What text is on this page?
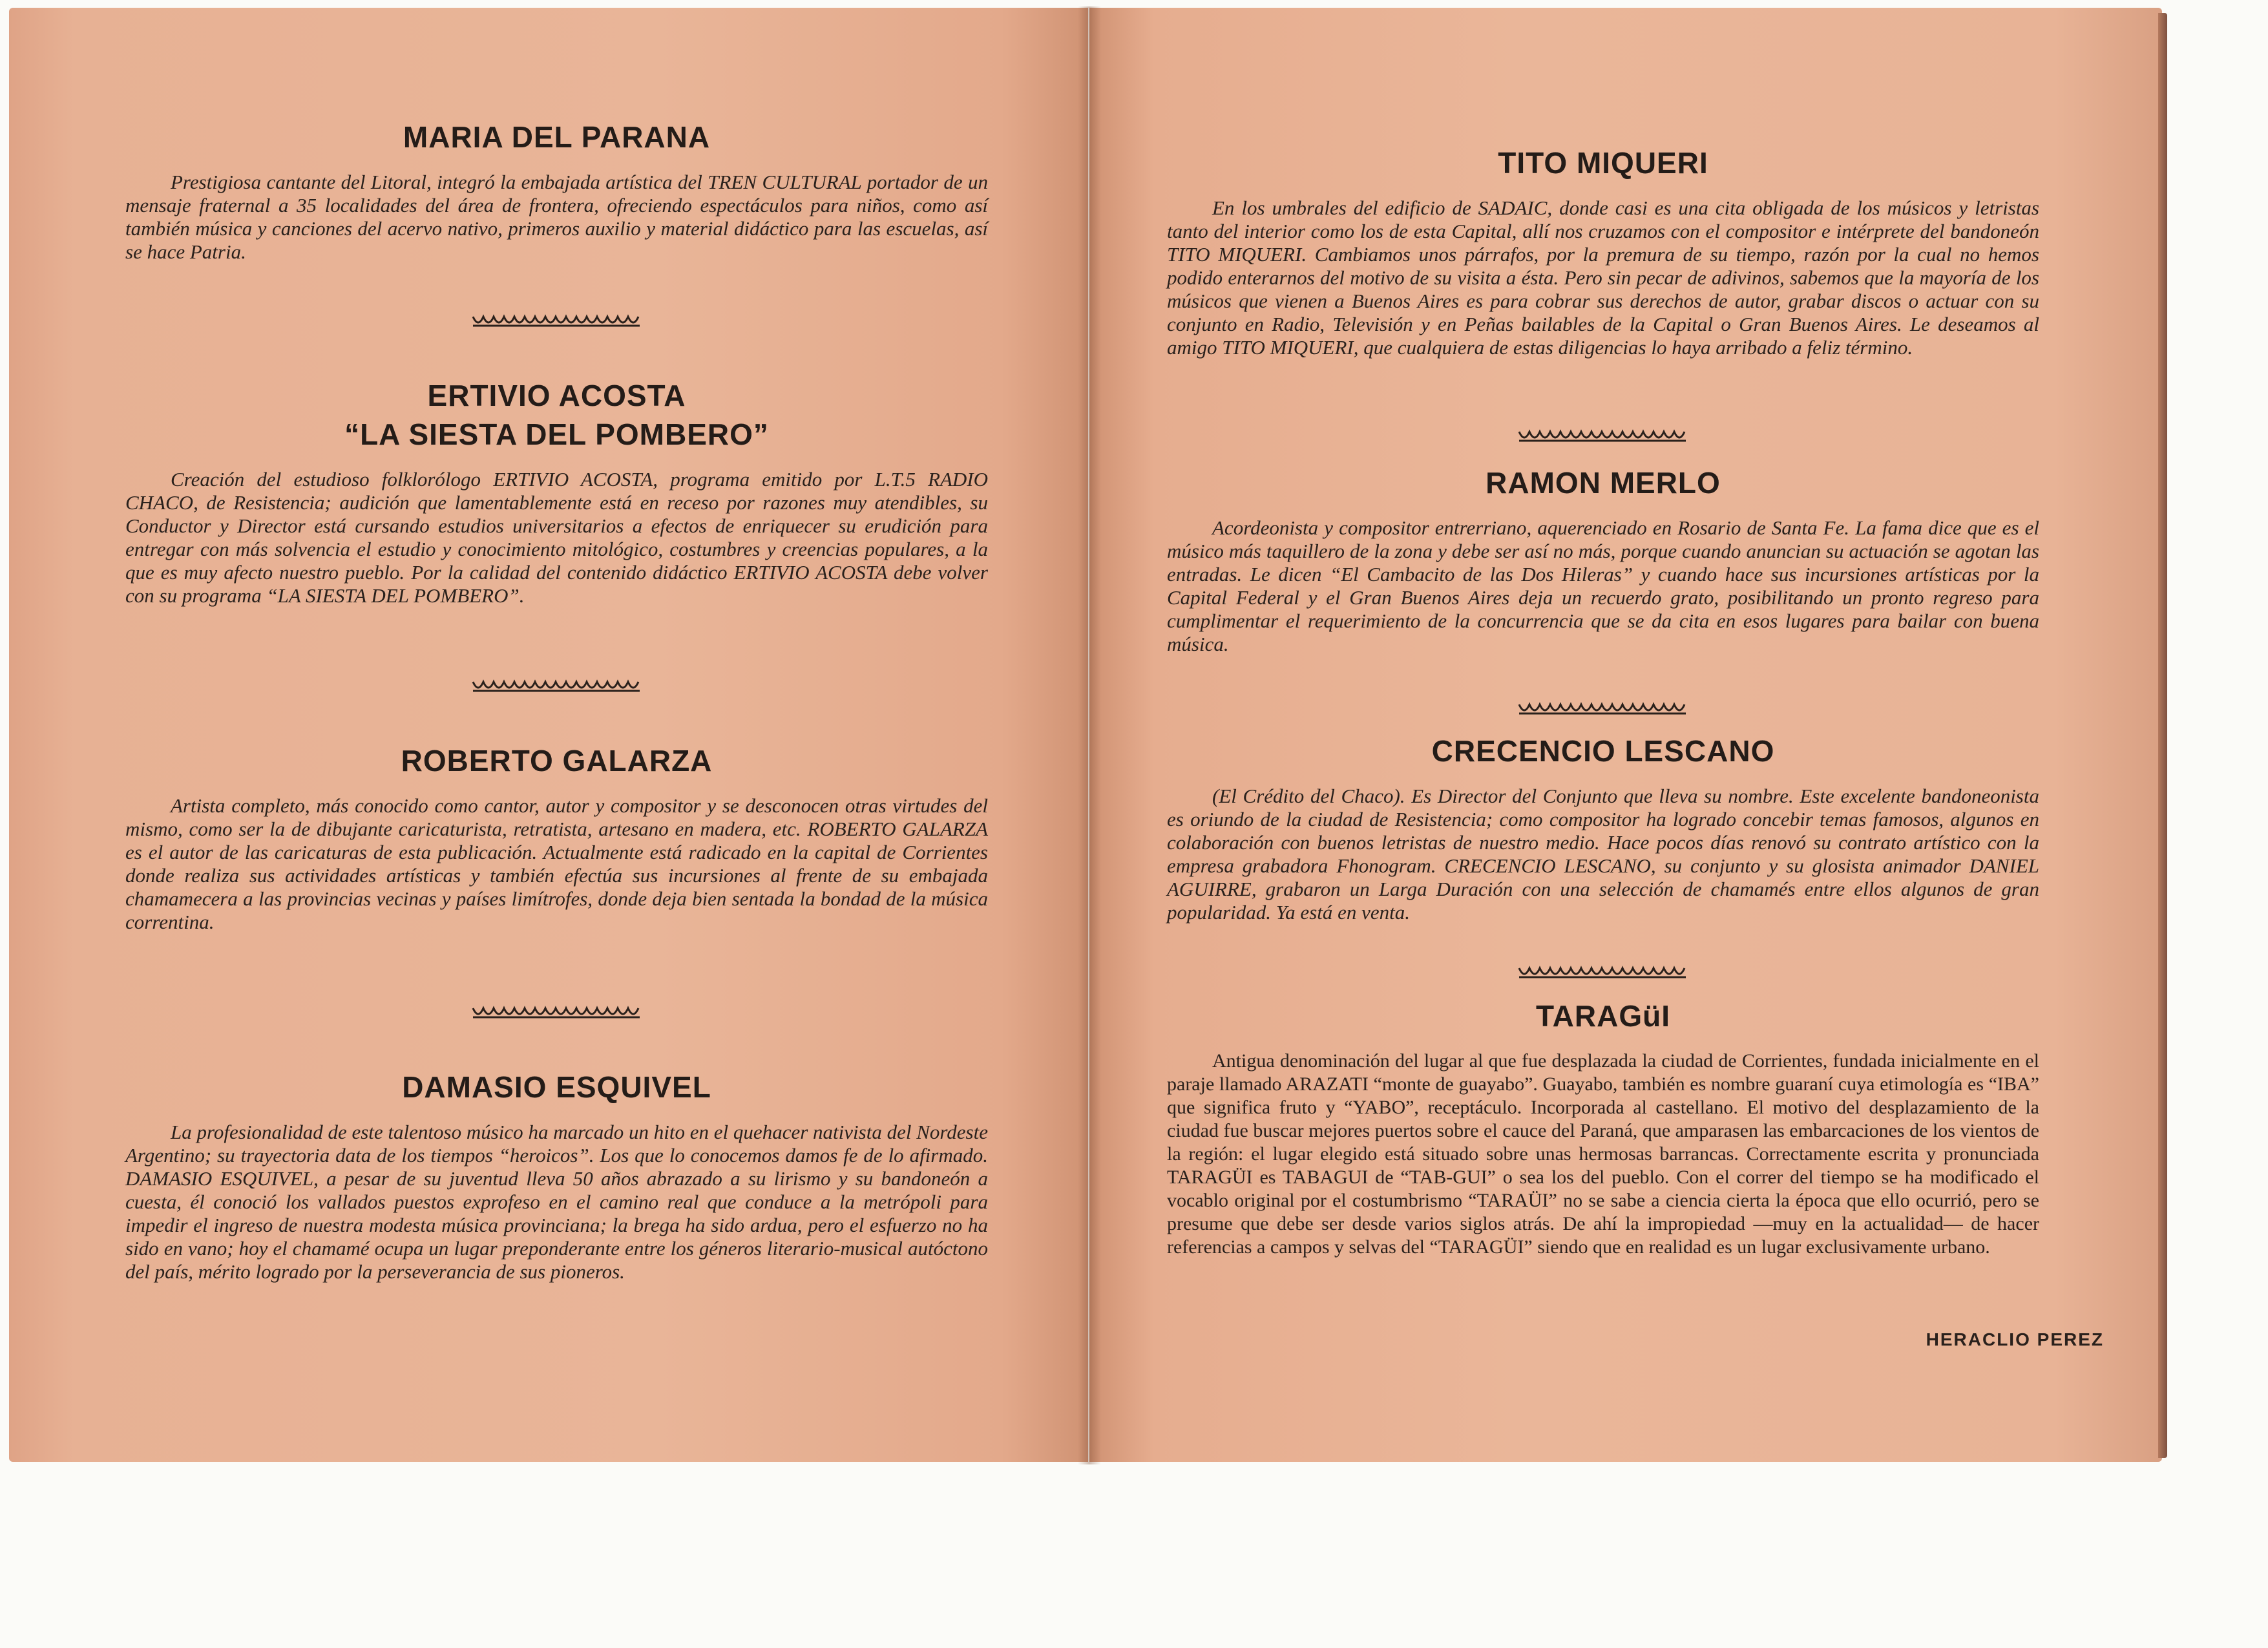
MARIA DEL PARANA

Prestigiosa cantante del Litoral, integró la embajada artística del TREN CULTURAL portador de un mensaje fraternal a 35 localidades del área de frontera, ofreciendo espectáculos para niños, como así también música y canciones del acervo nativo, primeros auxilio y material didáctico para las escuelas, así se hace Patria.

ERTIVIO ACOSTA
“LA SIESTA DEL POMBERO”

Creación del estudioso folklorólogo ERTIVIO ACOSTA, programa emitido por L.T.5 RADIO CHACO, de Resistencia; audición que lamentablemente está en receso por razones muy atendibles, su Conductor y Director está cursando estudios universitarios a efectos de enriquecer su erudición para entregar con más solvencia el estudio y conocimiento mitológico, costumbres y creencias populares, a la que es muy afecto nuestro pueblo. Por la calidad del contenido didáctico ERTIVIO ACOSTA debe volver con su programa “LA SIESTA DEL POMBERO”.

ROBERTO GALARZA

Artista completo, más conocido como cantor, autor y compositor y se desconocen otras virtudes del mismo, como ser la de dibujante caricaturista, retratista, artesano en madera, etc. ROBERTO GALARZA es el autor de las caricaturas de esta publicación. Actualmente está radicado en la capital de Corrientes donde realiza sus actividades artísticas y también efectúa sus incursiones al frente de su embajada chamamecera a las provincias vecinas y países limítrofes, donde deja bien sentada la bondad de la música correntina.

DAMASIO ESQUIVEL

La profesionalidad de este talentoso músico ha marcado un hito en el quehacer nativista del Nordeste Argentino; su trayectoria data de los tiempos “heroicos”. Los que lo conocemos damos fe de lo afirmado. DAMASIO ESQUIVEL, a pesar de su juventud lleva 50 años abrazado a su lirismo y su bandoneón a cuesta, él conoció los vallados puestos exprofeso en el camino real que conduce a la metrópoli para impedir el ingreso de nuestra modesta música provinciana; la brega ha sido ardua, pero el esfuerzo no ha sido en vano; hoy el chamamé ocupa un lugar preponderante entre los géneros literario-musical autóctono del país, mérito logrado por la perseverancia de sus pioneros.

TITO MIQUERI

En los umbrales del edificio de SADAIC, donde casi es una cita obligada de los músicos y letristas tanto del interior como los de esta Capital, allí nos cruzamos con el compositor e intérprete del bandoneón TITO MIQUERI. Cambiamos unos párrafos, por la premura de su tiempo, razón por la cual no hemos podido enterarnos del motivo de su visita a ésta. Pero sin pecar de adivinos, sabemos que la mayoría de los músicos que vienen a Buenos Aires es para cobrar sus derechos de autor, grabar discos o actuar con su conjunto en Radio, Televisión y en Peñas bailables de la Capital o Gran Buenos Aires. Le deseamos al amigo TITO MIQUERI, que cualquiera de estas diligencias lo haya arribado a feliz término.

RAMON MERLO

Acordeonista y compositor entrerriano, aquerenciado en Rosario de Santa Fe. La fama dice que es el músico más taquillero de la zona y debe ser así no más, porque cuando anuncian su actuación se agotan las entradas. Le dicen “El Cambacito de las Dos Hileras” y cuando hace sus incursiones artísticas por la Capital Federal y el Gran Buenos Aires deja un recuerdo grato, posibilitando un pronto regreso para cumplimentar el requerimiento de la concurrencia que se da cita en esos lugares para bailar con buena música.

CRECENCIO LESCANO

(El Crédito del Chaco). Es Director del Conjunto que lleva su nombre. Este excelente bandoneonista es oriundo de la ciudad de Resistencia; como compositor ha logrado concebir temas famosos, algunos en colaboración con buenos letristas de nuestro medio. Hace pocos días renovó su contrato artístico con la empresa grabadora Fhonogram. CRECENCIO LESCANO, su conjunto y su glosista animador DANIEL AGUIRRE, grabaron un Larga Duración con una selección de chamamés entre ellos algunos de gran popularidad. Ya está en venta.

TARAGüI

Antigua denominación del lugar al que fue desplazada la ciudad de Corrientes, fundada inicialmente en el paraje llamado ARAZATI “monte de guayabo”. Guayabo, también es nombre guaraní cuya etimología es “IBA” que significa fruto y “YABO”, receptáculo. Incorporada al castellano. El motivo del desplazamiento de la ciudad fue buscar mejores puertos sobre el cauce del Paraná, que amparasen las embarcaciones de los vientos de la región: el lugar elegido está situado sobre unas hermosas barrancas. Correctamente escrita y pronunciada TARAGÜI es TABAGUI de “TAB-GUI” o sea los del pueblo. Con el correr del tiempo se ha modificado el vocablo original por el costumbrismo “TARAÜI” no se sabe a ciencia cierta la época que ello ocurrió, pero se presume que debe ser desde varios siglos atrás. De ahí la impropiedad —muy en la actualidad— de hacer referencias a campos y selvas del “TARAGÜI” siendo que en realidad es un lugar exclusivamente urbano.

HERACLIO PEREZ
